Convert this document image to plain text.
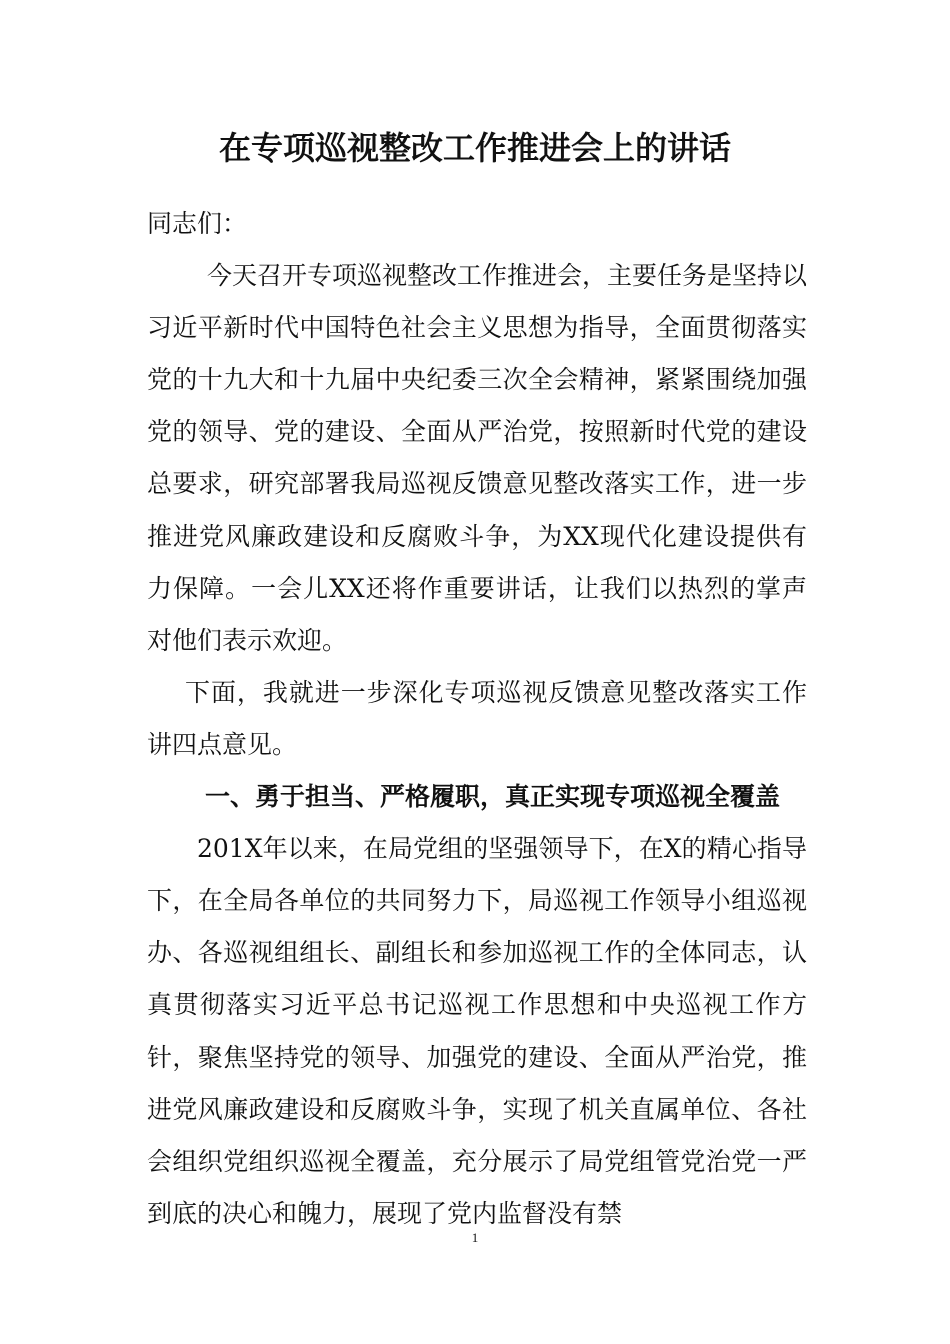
在专项巡视整改工作推进会上的讲话

同志们：

今天召开专项巡视整改工作推进会，主要任务是坚持以习近平新时代中国特色社会主义思想为指导，全面贯彻落实党的十九大和十九届中央纪委三次全会精神，紧紧围绕加强党的领导、党的建设、全面从严治党，按照新时代党的建设总要求，研究部署我局巡视反馈意见整改落实工作，进一步推进党风廉政建设和反腐败斗争，为XX现代化建设提供有力保障。一会儿XX还将作重要讲话，让我们以热烈的掌声对他们表示欢迎。

下面，我就进一步深化专项巡视反馈意见整改落实工作讲四点意见。

一、勇于担当、严格履职，真正实现专项巡视全覆盖

201X年以来，在局党组的坚强领导下，在X的精心指导下，在全局各单位的共同努力下，局巡视工作领导小组巡视办、各巡视组组长、副组长和参加巡视工作的全体同志，认真贯彻落实习近平总书记巡视工作思想和中央巡视工作方针，聚焦坚持党的领导、加强党的建设、全面从严治党，推进党风廉政建设和反腐败斗争，实现了机关直属单位、各社会组织党组织巡视全覆盖，充分展示了局党组管党治党一严到底的决心和魄力，展现了党内监督没有禁

1
